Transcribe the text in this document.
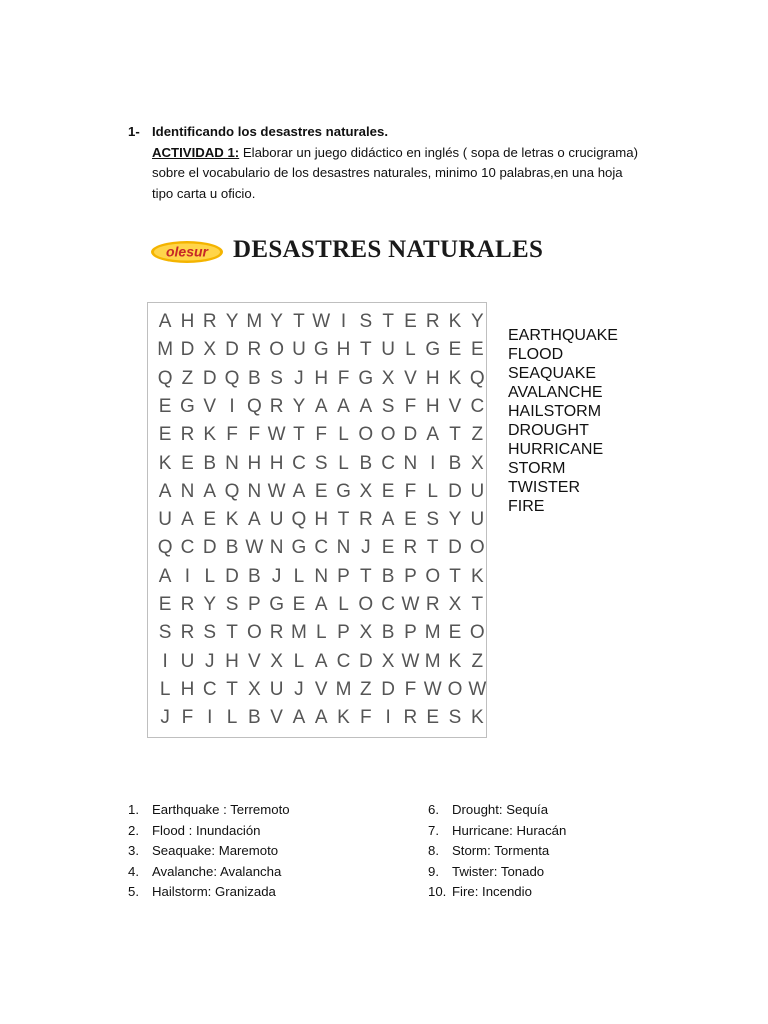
1- Identificando los desastres naturales.
ACTIVIDAD 1: Elaborar un juego didáctico en inglés ( sopa de letras o crucigrama)
sobre el vocabulario de los desastres naturales, minimo 10 palabras,en una hoja
tipo carta u oficio.
olesur DESASTRES NATURALES
A H R Y M Y T W I S T E R K Y
M D X D R O U G H T U L G E E
Q Z D Q B S J H F G X V H K Q
E G V I Q R Y A A A S F H V C
E R K F F W T F L O O D A T Z
K E B N H H C S L B C N I B X
A N A Q N W A E G X E F L D U
U A E K A U Q H T R A E S Y U
Q C D B W N G C N J E R T D O
A I L D B J L N P T B P O T K
E R Y S P G E A L O C W R X T
S R S T O R M L P X B P M E O
I U J H V X L A C D X W M K Z
L H C T X U J V M Z D F W O W
J F I L B V A A K F I R E S K
EARTHQUAKE
FLOOD
SEAQUAKE
AVALANCHE
HAILSTORM
DROUGHT
HURRICANE
STORM
TWISTER
FIRE
1. Earthquake : Terremoto
2. Flood : Inundación
3. Seaquake: Maremoto
4. Avalanche: Avalancha
5. Hailstorm: Granizada
6. Drought: Sequía
7. Hurricane: Huracán
8. Storm: Tormenta
9. Twister: Tonado
10. Fire: Incendio
